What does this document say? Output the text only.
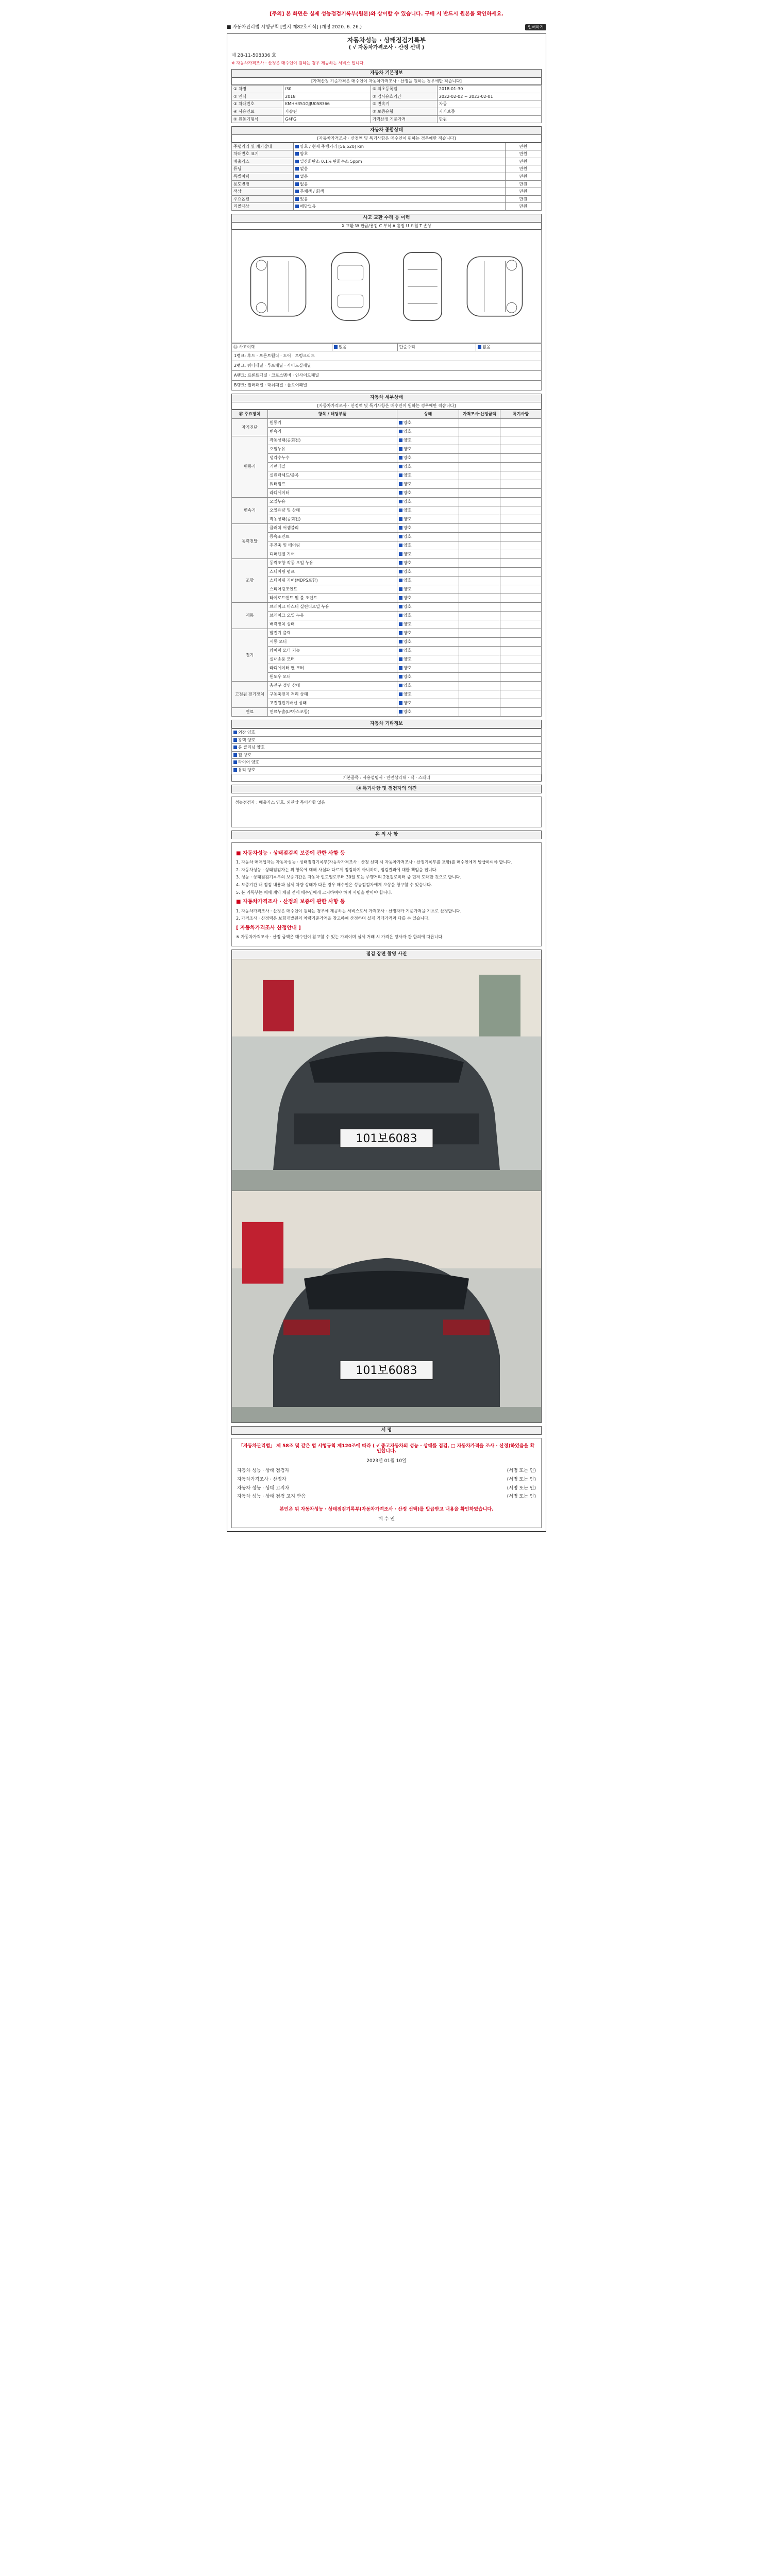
[주의] 본 화면은 실제 성능점검기록부(원본)와 상이할 수 있습니다. 구매 시 반드시 원본을 확인하세요.
■ 자동차관리법 시행규칙 [별지 제82호서식] (개정 2020. 6. 26.)	인쇄하기
자동차성능 · 상태점검기록부
( √ 자동차가격조사 · 산정 선택 )
제 28-11-508336 호
※ 자동차가격조사 · 산정은 매수인이 원하는 경우 제공하는 서비스 입니다.
자동차 기본정보
[가격산정 기준가격은 매수인이 자동차가격조사 · 산정을 원하는 경우에만 적습니다]
① 차명	i30	⑥ 최초등록일	2018-01-30
② 연식	2018	⑦ 검사유효기간	2022-02-02 ~ 2023-02-01
③ 차대번호	KMHH351GJJU058366	⑧ 변속기	자동
④ 사용연료	가솔린	⑨ 보증유형	자가보증
⑤ 원동기형식	G4FG	가격산정 기준가격	만원
자동차 종합상태
[자동차가격조사 · 산정액 및 특기사항은 매수인이 원하는 경우에만 적습니다]
주행거리 및 계기상태	양호 / 현재 주행거리 [56,520] km	만원
차대번호 표기	양호	만원
배출가스	일산화탄소 0.1% 탄화수소 5ppm	만원
튜닝	없음	만원
특별이력	없음	만원
용도변경	없음	만원
색상	무채색 / 회색	만원
주요옵션	있음	만원
리콜대상	해당없음	만원
사고 교환 수리 등 이력
X 교환 W 판금/용접 C 부식 A 흠집 U 요철 T 손상
⑪ 사고이력	없음	단순수리	없음
1랭크: 후드 · 프론트휀더 · 도어 · 트렁크리드
2랭크: 쿼터패널 · 루프패널 · 사이드실패널
A랭크: 프론트패널 · 크로스멤버 · 인사이드패널
B랭크: 필러패널 · 대쉬패널 · 플로어패널
자동차 세부상태
[자동차가격조사 · 산정액 및 특기사항은 매수인이 원하는 경우에만 적습니다]
⑬ 주요장치	항목 / 해당부품	상태	가격조사·산정금액	특기사항
자기진단	원동기	양호		
	변속기	양호		
원동기	작동상태(공회전)	양호		
	오일누유	양호		
	냉각수누수	양호		
	커먼레일	양호		
	실린더헤드/블록	양호		
	워터펌프	양호		
	라디에이터	양호		
변속기	오일누유	양호		
	오일유량 및 상태	양호		
	작동상태(공회전)	양호		
동력전달	클러치 어셈블리	양호		
	등속조인트	양호		
	추진축 및 베어링	양호		
	디퍼렌셜 기어	양호		
조향	동력조향 작동 오일 누유	양호		
	스티어링 펌프	양호		
	스티어링 기어(MDPS포함)	양호		
	스티어링조인트	양호		
	타이로드엔드 및 볼 조인트	양호		
제동	브레이크 마스터 실린더오일 누유	양호		
	브레이크 오일 누유	양호		
	배력장치 상태	양호		
전기	발전기 출력	양호		
	시동 모터	양호		
	와이퍼 모터 기능	양호		
	실내송풍 모터	양호		
	라디에이터 팬 모터	양호		
	윈도우 모터	양호		
고전원 전기장치	충전구 절연 상태	양호		
	구동축전지 격리 상태	양호		
	고전원전기배선 상태	양호		
연료	연료누출(LP가스포함)	양호		
자동차 기타정보
외장 양호
광택 양호
룸 클리닝 양호
휠 양호
타이어 양호
유리 양호
기본품목 : 사용설명서 · 안전삼각대 · 잭 · 스패너
⑭ 특기사항 및 점검자의 의견
성능점검자 : 배출가스 양호, 외관상 특이사항 없음
유 의 사 항
■ 자동차성능 · 상태점검의 보증에 관한 사항 등

1. 자동차 매매업자는 자동차성능 · 상태점검기록부(자동차가격조사 · 산정 선택 시 자동차가격조사 · 산정기록부를 포함)를 매수인에게 발급하여야 합니다.

2. 자동차성능 · 상태점검자는 위 항목에 대해 사실과 다르게 점검하지 아니하며, 점검결과에 대한 책임을 집니다.

3. 성능 · 상태점검기록부의 보증기간은 자동차 인도일로부터 30일 또는 주행거리 2천킬로미터 중 먼저 도래한 것으로 합니다.

4. 보증기간 내 점검 내용과 실제 차량 상태가 다른 경우 매수인은 성능점검자에게 보상을 청구할 수 있습니다.

5. 본 기록부는 매매 계약 체결 전에 매수인에게 고지하여야 하며 서명을 받아야 합니다.

■ 자동차가격조사 · 산정의 보증에 관한 사항 등

1. 자동차가격조사 · 산정은 매수인이 원하는 경우에 제공하는 서비스로서 가격조사 · 산정자가 기준가격을 기초로 산정합니다.

2. 가격조사 · 산정액은 보험개발원의 차량기준가액을 참고하여 산정하며 실제 거래가격과 다를 수 있습니다.

[ 자동차가격조사 산정안내 ]

※ 자동차가격조사 · 산정 금액은 매수인이 참고할 수 있는 가격이며 실제 거래 시 가격은 당사자 간 합의에 따릅니다.

점검 장면 촬영 사진
101보6083
101보6083
서 명
「자동차관리법」 제 58조 및 같은 법 시행규칙 제120조에 따라 ( √ 중고자동차의 성능 · 상태를 점검, □ 자동차가격을 조사 · 산정)하였음을 확인합니다.
2023년 01월 10일
자동차 성능 · 상태 점검자	(서명 또는 인)
자동차가격조사 · 산정자	(서명 또는 인)
자동차 성능 · 상태 고지자	(서명 또는 인)
자동차 성능 · 상태 점검 고지 받음	(서명 또는 인)
본인은 위 자동차성능 · 상태점검기록부(자동차가격조사 · 산정 선택)를 발급받고 내용을 확인하였습니다.
매 수 인
